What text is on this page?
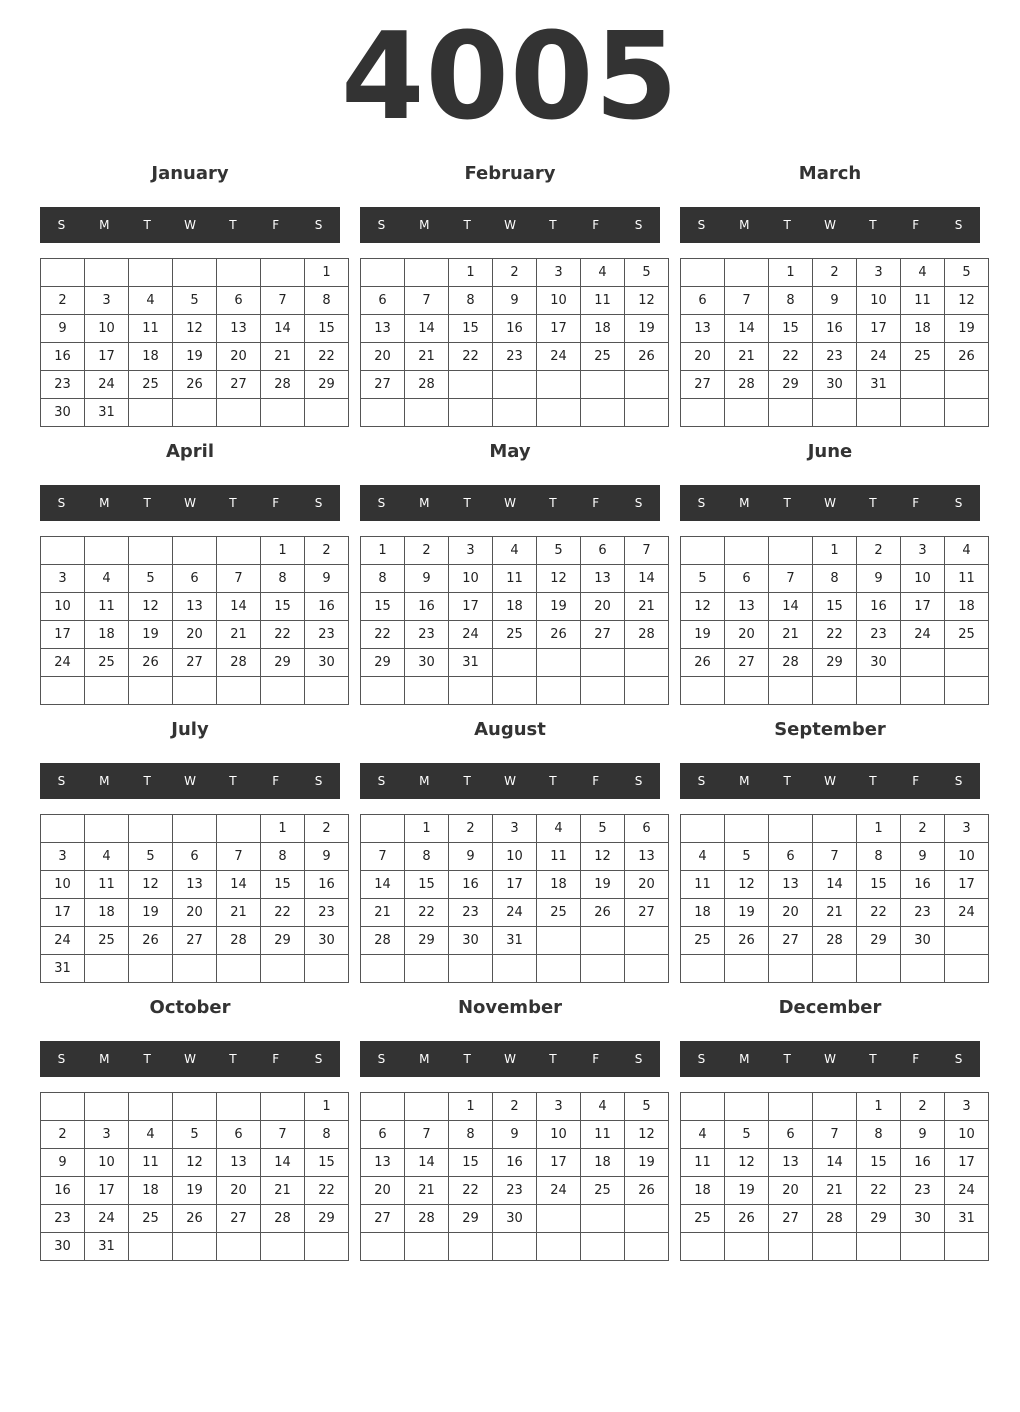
4005
January
S	M	T	W	T	F	S
						1
2	3	4	5	6	7	8
9	10	11	12	13	14	15
16	17	18	19	20	21	22
23	24	25	26	27	28	29
30	31					
February
S	M	T	W	T	F	S
		1	2	3	4	5
6	7	8	9	10	11	12
13	14	15	16	17	18	19
20	21	22	23	24	25	26
27	28					

March
S	M	T	W	T	F	S
		1	2	3	4	5
6	7	8	9	10	11	12
13	14	15	16	17	18	19
20	21	22	23	24	25	26
27	28	29	30	31		

April
S	M	T	W	T	F	S
					1	2
3	4	5	6	7	8	9
10	11	12	13	14	15	16
17	18	19	20	21	22	23
24	25	26	27	28	29	30

May
S	M	T	W	T	F	S
1	2	3	4	5	6	7
8	9	10	11	12	13	14
15	16	17	18	19	20	21
22	23	24	25	26	27	28
29	30	31				

June
S	M	T	W	T	F	S
			1	2	3	4
5	6	7	8	9	10	11
12	13	14	15	16	17	18
19	20	21	22	23	24	25
26	27	28	29	30		

July
S	M	T	W	T	F	S
					1	2
3	4	5	6	7	8	9
10	11	12	13	14	15	16
17	18	19	20	21	22	23
24	25	26	27	28	29	30
31						
August
S	M	T	W	T	F	S
	1	2	3	4	5	6
7	8	9	10	11	12	13
14	15	16	17	18	19	20
21	22	23	24	25	26	27
28	29	30	31			

September
S	M	T	W	T	F	S
				1	2	3
4	5	6	7	8	9	10
11	12	13	14	15	16	17
18	19	20	21	22	23	24
25	26	27	28	29	30	

October
S	M	T	W	T	F	S
						1
2	3	4	5	6	7	8
9	10	11	12	13	14	15
16	17	18	19	20	21	22
23	24	25	26	27	28	29
30	31					
November
S	M	T	W	T	F	S
		1	2	3	4	5
6	7	8	9	10	11	12
13	14	15	16	17	18	19
20	21	22	23	24	25	26
27	28	29	30			

December
S	M	T	W	T	F	S
				1	2	3
4	5	6	7	8	9	10
11	12	13	14	15	16	17
18	19	20	21	22	23	24
25	26	27	28	29	30	31
